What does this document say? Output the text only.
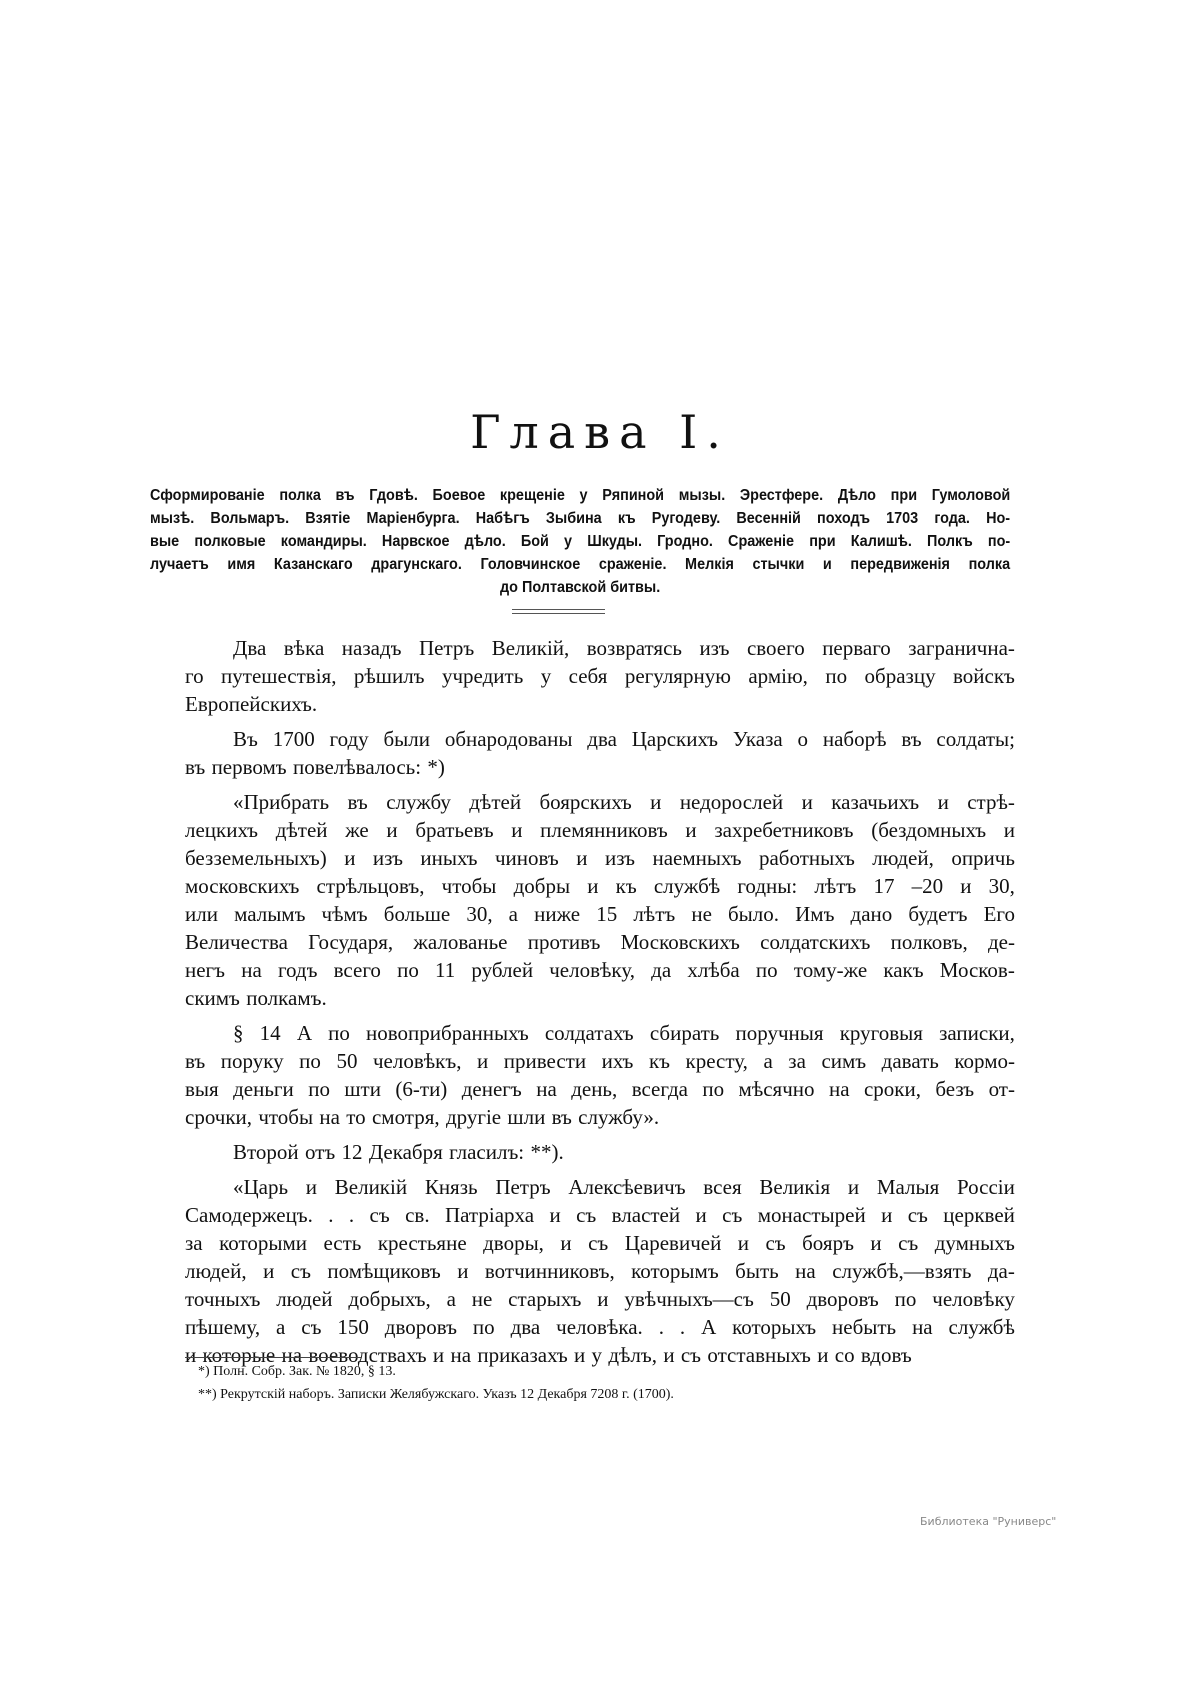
Глава I.
Сформированіе полка въ Гдовѣ. Боевое крещеніе у Ряпиной мызы. Эрестфере. Дѣло при Гумоловой
мызѣ. Вольмаръ. Взятіе Маріенбурга. Набѣгъ Зыбина къ Ругодеву. Весенній походъ 1703 года. Но-
вые полковые командиры. Нарвское дѣло. Бой у Шкуды. Гродно. Сраженіе при Калишѣ. Полкъ по-
лучаетъ имя Казанскаго драгунскаго. Головчинское сраженіе. Мелкія стычки и передвиженія полка
до Полтавской битвы.
Два вѣка назадъ Петръ Великій, возвратясь изъ своего перваго загранична-
го путешествія, рѣшилъ учредить у себя регулярную армію, по образцу войскъ
Европейскихъ.
Въ 1700 году были обнародованы два Царскихъ Указа о наборѣ въ солдаты;
въ первомъ повелѣвалось: *)
«Прибрать въ службу дѣтей боярскихъ и недорослей и казачьихъ и стрѣ-
лецкихъ дѣтей же и братьевъ и племянниковъ и захребетниковъ (бездомныхъ и
безземельныхъ) и изъ иныхъ чиновъ и изъ наемныхъ работныхъ людей, опричь
московскихъ стрѣльцовъ, чтобы добры и къ службѣ годны: лѣтъ 17 –20 и 30,
или малымъ чѣмъ больше 30, а ниже 15 лѣтъ не было. Имъ дано будетъ Его
Величества Государя, жалованье противъ Московскихъ солдатскихъ полковъ, де-
негъ на годъ всего по 11 рублей человѣку, да хлѣба по тому-же какъ Москов-
скимъ полкамъ.
§ 14 А по новоприбранныхъ солдатахъ сбирать поручныя круговыя записки,
въ поруку по 50 человѣкъ, и привести ихъ къ кресту, а за симъ давать кормо-
выя деньги по шти (6-ти) денегъ на день, всегда по мѣсячно на сроки, безъ от-
срочки, чтобы на то смотря, другіе шли въ службу».
Второй отъ 12 Декабря гласилъ: **).
«Царь и Великій Князь Петръ Алексѣевичъ всея Великія и Малыя Россіи
Самодержецъ. . . съ св. Патріарха и съ властей и съ монастырей и съ церквей
за которыми есть крестьяне дворы, и съ Царевичей и съ бояръ и съ думныхъ
людей, и съ помѣщиковъ и вотчинниковъ, которымъ быть на службѣ,—взять да-
точныхъ людей добрыхъ, а не старыхъ и увѣчныхъ—съ 50 дворовъ по человѣку
пѣшему, а съ 150 дворовъ по два человѣка. . . А которыхъ небыть на службѣ
и которые на воеводствахъ и на приказахъ и у дѣлъ, и съ отставныхъ и со вдовъ
*) Полн. Собр. Зак. № 1820, § 13.
**) Рекрутскій наборъ. Записки Желябужскаго. Указъ 12 Декабря 7208 г. (1700).
Библиотека "Руниверс"
